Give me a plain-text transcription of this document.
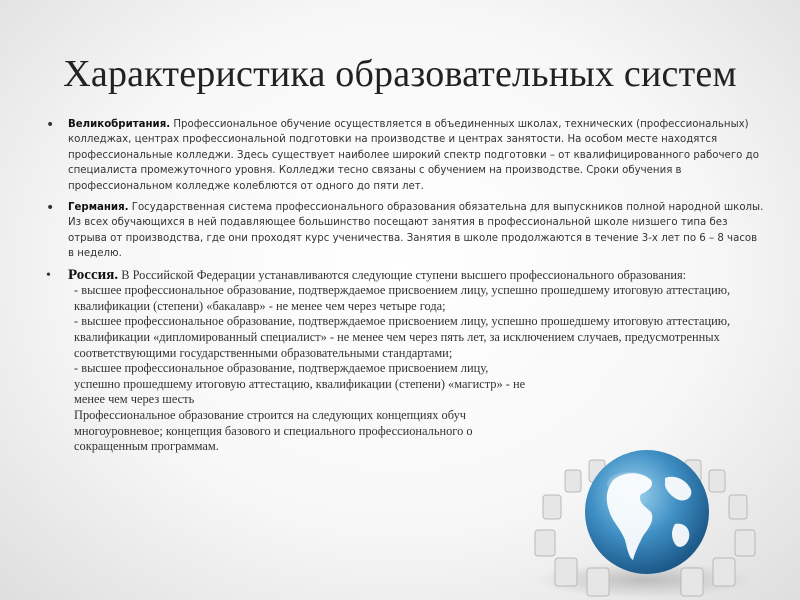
Характеристика образовательных систем
• Великобритания. Профессиональное обучение осуществляется в объединенных школах, технических (профессиональных) колледжах, центрах профессиональной подготовки на производстве и центрах занятости. На особом месте находятся профессиональные колледжи. Здесь существует наиболее широкий спектр подготовки – от квалифицированного рабочего до специалиста промежуточного уровня. Колледжи тесно связаны с обучением на производстве. Сроки обучения в профессиональном колледже колеблются от одного до пяти лет.
• Германия. Государственная система профессионального образования обязательна для выпускников полной народной школы. Из всех обучающихся в ней подавляющее большинство посещают занятия в профессиональной школе низшего типа без отрыва от производства, где они проходят курс ученичества. Занятия в школе продолжаются в течение 3-х лет по 6 – 8 часов в неделю.
• Россия. В Российской Федерации устанавливаются следующие ступени высшего профессионального образования:
- высшее профессиональное образование, подтверждаемое присвоением лицу, успешно прошедшему итоговую аттестацию, квалификации (степени) «бакалавр» - не менее чем через четыре года;
- высшее профессиональное образование, подтверждаемое присвоением лицу, успешно прошедшему итоговую аттестацию, квалификации «дипломированный специалист» - не менее чем через пять лет, за исключением случаев, предусмотренных соответствующими государственными образовательными стандартами;
- высшее профессиональное образование, подтверждаемое присвоением лицу, успешно прошедшему итоговую аттестацию, квалификации (степени) «магистр» - не менее чем через шесть
Профессиональное образование строится на следующих концепциях обуч многоуровневое; концепция базового и специального профессионального о сокращенным программам.
